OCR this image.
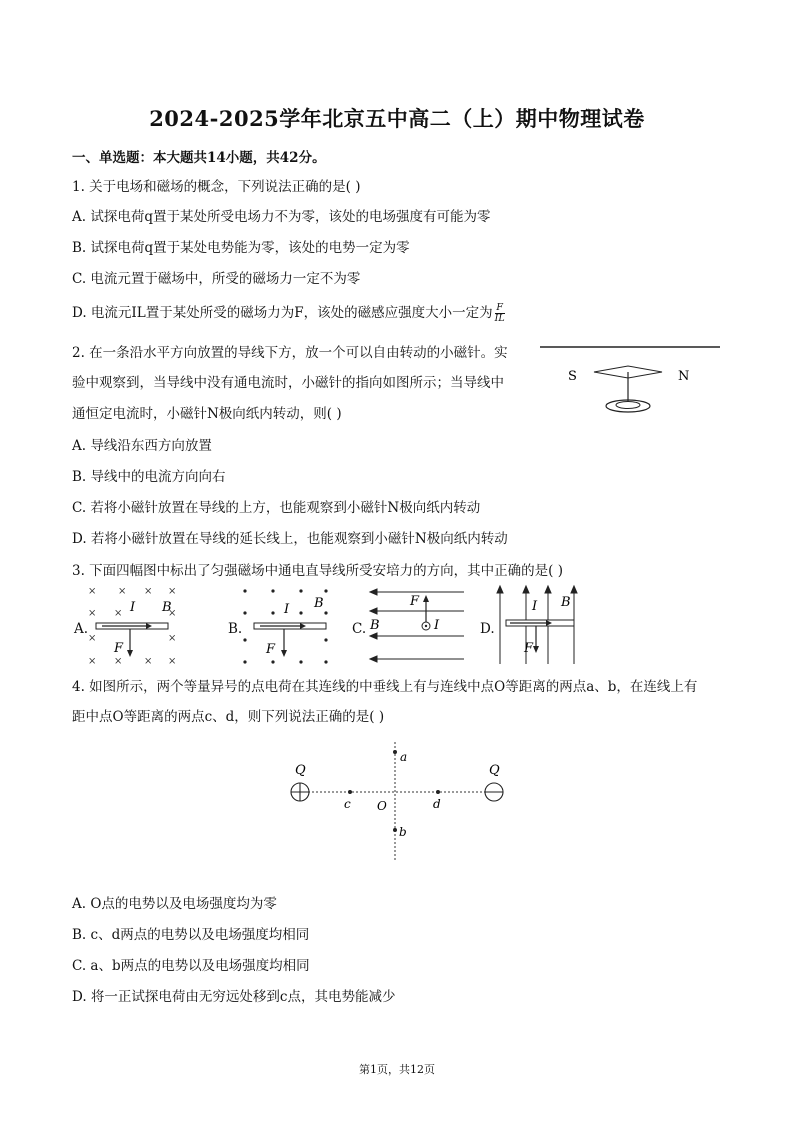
2024-2025学年北京五中高二（上）期中物理试卷
一、单选题：本大题共14小题，共42分。
1. 关于电场和磁场的概念，下列说法正确的是( )
A. 试探电荷q置于某处所受电场力不为零，该处的电场强度有可能为零
B. 试探电荷q置于某处电势能为零，该处的电势一定为零
C. 电流元置于磁场中，所受的磁场力一定不为零
D. 电流元IL置于某处所受的磁场力为F，该处的磁感应强度大小一定为 $\frac{F}{IL}$
2. 在一条沿水平方向放置的导线下方，放一个可以自由转动的小磁针。实
验中观察到，当导线中没有通电流时，小磁针的指向如图所示；当导线中
通恒定电流时，小磁针N极向纸内转动，则( )
A. 导线沿东西方向放置
B. 导线中的电流方向向右
C. 若将小磁针放置在导线的上方，也能观察到小磁针N极向纸内转动
D. 若将小磁针放置在导线的延长线上，也能观察到小磁针N极向纸内转动
S	N
3. 下面四幅图中标出了匀强磁场中通电直导线所受安培力的方向，其中正确的是( )
A.
× × × ×
× ×	×
×	×
× × × ×
I B
F
B.
I B
F
C.
F
B	I	D.
I B
F
4. 如图所示，两个等量异号的点电荷在其连线的中垂线上有与连线中点O等距离的两点a、b，在连线上有
距中点O等距离的两点c、d，则下列说法正确的是( )
Q	Q
a
b
c	d
O
A. O点的电势以及电场强度均为零
B. c、d两点的电势以及电场强度均相同
C. a、b两点的电势以及电场强度均相同
D. 将一正试探电荷由无穷远处移到c点，其电势能减少
第1页，共12页
